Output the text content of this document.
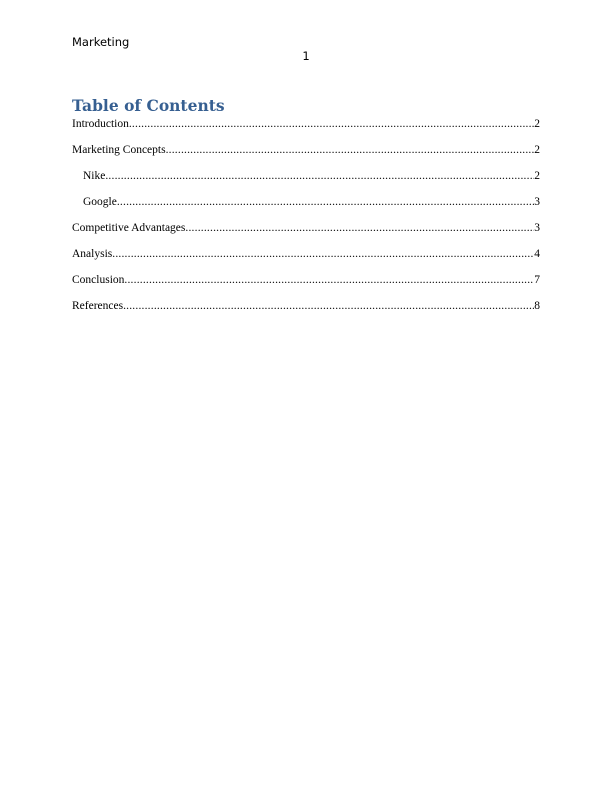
Marketing
1
Table of Contents
Introduction .....	2
Marketing Concepts .....	2
Nike .....	2
Google .....	3
Competitive Advantages .....	3
Analysis .....	4
Conclusion .....	7
References .....	8
